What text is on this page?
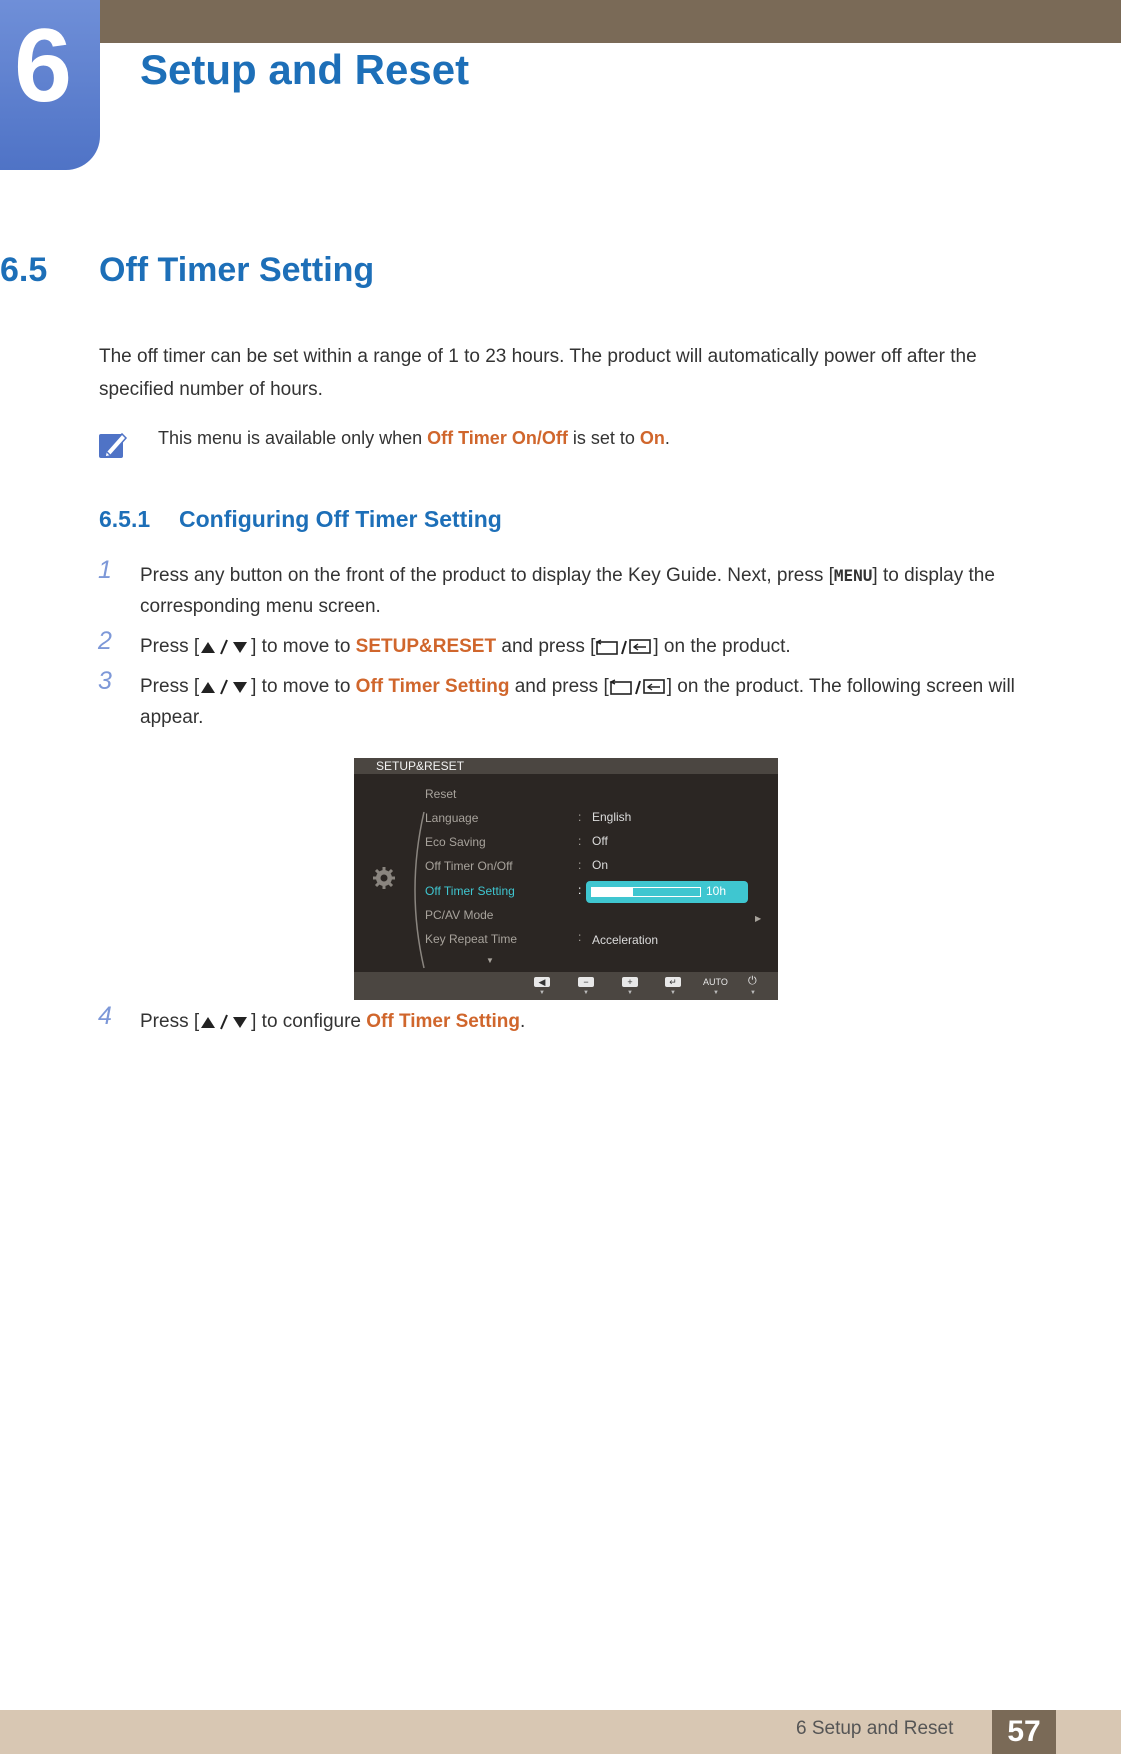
6	Setup and Reset
6.5 Off Timer Setting
The off timer can be set within a range of 1 to 23 hours. The product will automatically power off after the specified number of hours.
This menu is available only when Off Timer On/Off is set to On.
6.5.1 Configuring Off Timer Setting
1 Press any button on the front of the product to display the Key Guide. Next, press [MENU] to display the corresponding menu screen.
2 Press [	] to move to SETUP&RESET and press [	] on the product.
3 Press [	] to move to Off Timer Setting and press [	] on the product. The following screen will appear.
SETUP&RESET
Reset
Language	: English
Eco Saving	: Off
Off Timer On/Off	: On
Off Timer Setting	:	10h
PC/AV Mode	▶
Key Repeat Time	: Acceleration
▼
◀
▼
−
▼
+
▼
↵
▼
AUTO
▼
⏻
▼
4 Press [	] to configure Off Timer Setting.
6 Setup and Reset	57
